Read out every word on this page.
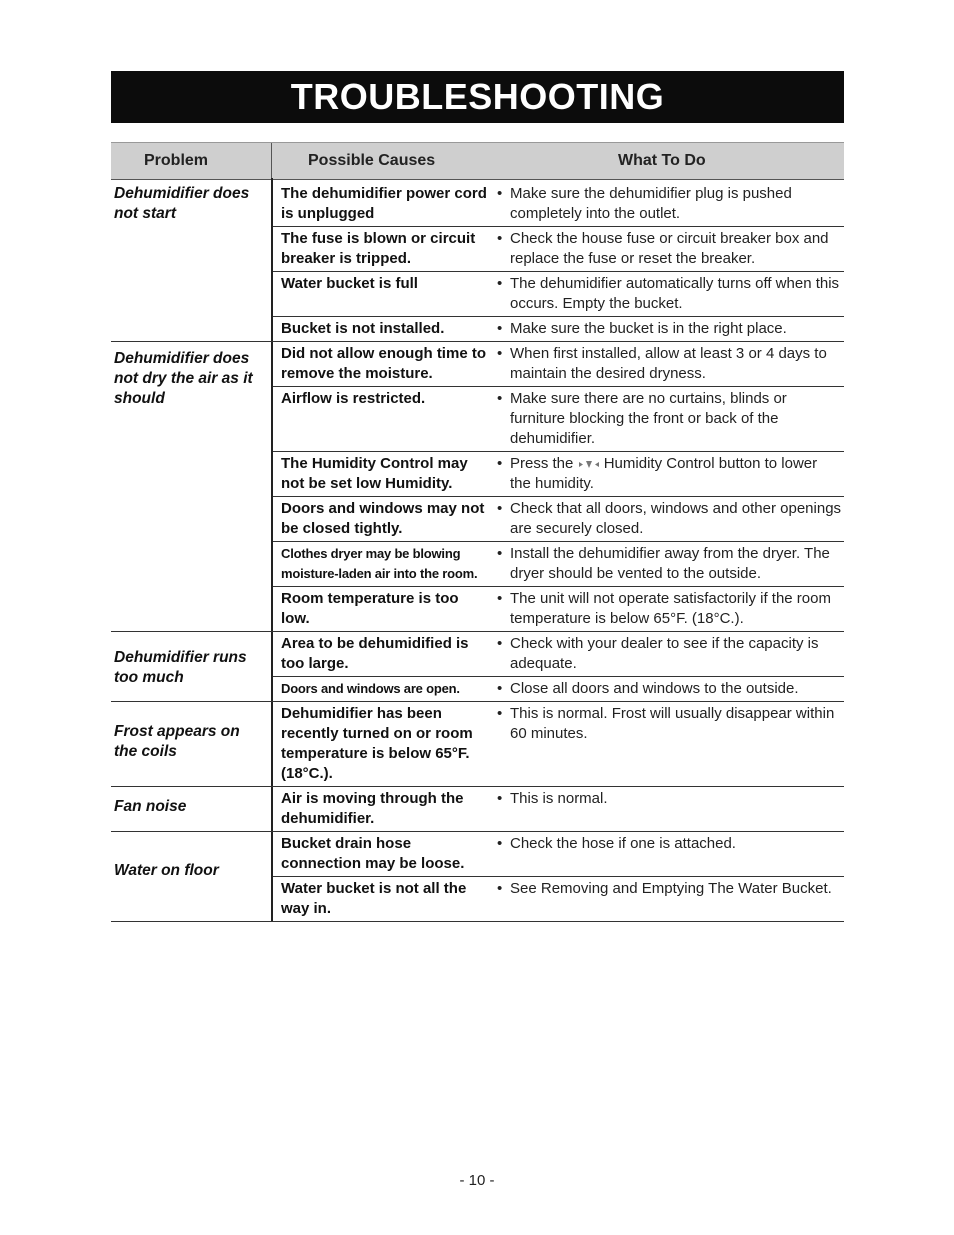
TROUBLESHOOTING
Problem	Possible Causes	What To Do
Dehumidifier does not start
Dehumidifier does not dry the air as it should
Dehumidifier runs too much
Frost appears on the coils
Fan noise
Water on floor
The dehumidifier power cord is unplugged
The fuse is blown or circuit breaker is tripped.
Water bucket is full
Bucket is not installed.
Did not allow enough time to remove the moisture.
Airflow is restricted.
The Humidity Control may not be set low Humidity.
Doors and windows may not be closed tightly.
Clothes dryer may be blowing moisture-laden air into the room.
Room temperature is too low.
Area to be dehumidified is too large.
Doors and windows are open.
Dehumidifier has been recently turned on or room temperature is below 65°F. (18°C.).
Air is moving through the dehumidifier.
Bucket drain hose connection may be loose.
Water bucket is not all the way in.
• Make sure the dehumidifier plug is pushed completely into the outlet.
• Check the house fuse or circuit breaker box and replace the fuse or reset the breaker.
• The dehumidifier automatically turns off when this occurs. Empty the bucket.
• Make sure the bucket is in the right place.
• When first installed, allow at least 3 or 4 days to maintain the desired dryness.
• Make sure there are no curtains, blinds or furniture blocking the front or back of the dehumidifier.
• Press the Humidity Control button to lower the humidity.
• Check that all doors, windows and other openings are securely closed.
• Install the dehumidifier away from the dryer. The dryer should be vented to the outside.
• The unit will not operate satisfactorily if the room temperature is below 65°F. (18°C.).
• Check with your dealer to see if the capacity is adequate.
• Close all doors and windows to the outside.
• This is normal. Frost will usually disappear within 60 minutes.
• This is normal.
• Check the hose if one is attached.
• See Removing and Emptying The Water Bucket.
- 10 -
